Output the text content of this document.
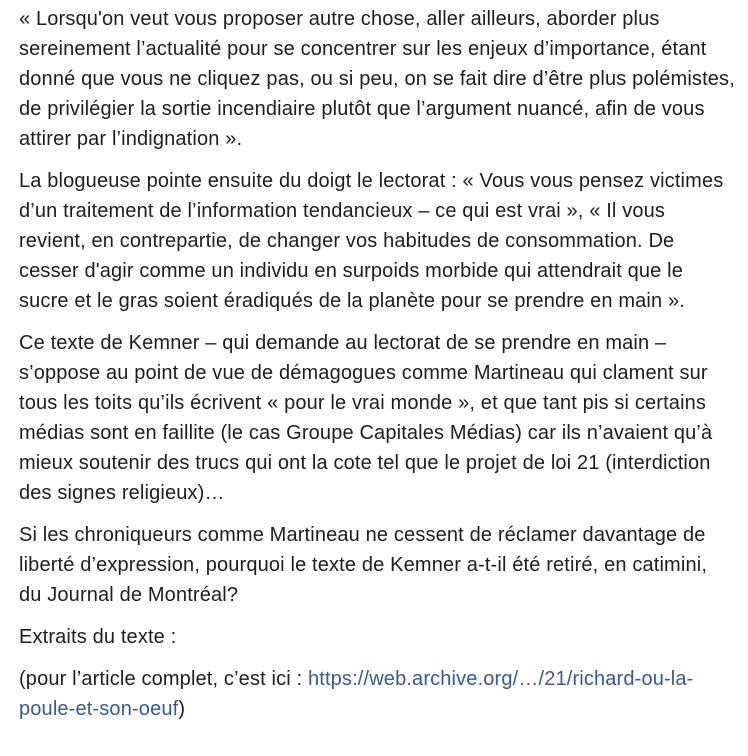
« Lorsqu'on veut vous proposer autre chose, aller ailleurs, aborder plus sereinement l’actualité pour se concentrer sur les enjeux d’importance, étant donné que vous ne cliquez pas, ou si peu, on se fait dire d’être plus polémistes, de privilégier la sortie incendiaire plutôt que l’argument nuancé, afin de vous attirer par l’indignation ».

La blogueuse pointe ensuite du doigt le lectorat : « Vous vous pensez victimes d’un traitement de l’information tendancieux – ce qui est vrai », « Il vous revient, en contrepartie, de changer vos habitudes de consommation. De cesser d'agir comme un individu en surpoids morbide qui attendrait que le sucre et le gras soient éradiqués de la planète pour se prendre en main ».

Ce texte de Kemner – qui demande au lectorat de se prendre en main – s’oppose au point de vue de démagogues comme Martineau qui clament sur tous les toits qu’ils écrivent « pour le vrai monde », et que tant pis si certains médias sont en faillite (le cas Groupe Capitales Médias) car ils n’avaient qu’à mieux soutenir des trucs qui ont la cote tel que le projet de loi 21 (interdiction des signes religieux)…

Si les chroniqueurs comme Martineau ne cessent de réclamer davantage de liberté d’expression, pourquoi le texte de Kemner a-t-il été retiré, en catimini, du Journal de Montréal?

Extraits du texte :

(pour l’article complet, c’est ici : https://web.archive.org/…/21/richard-ou-la-poule-et-son-oeuf)
